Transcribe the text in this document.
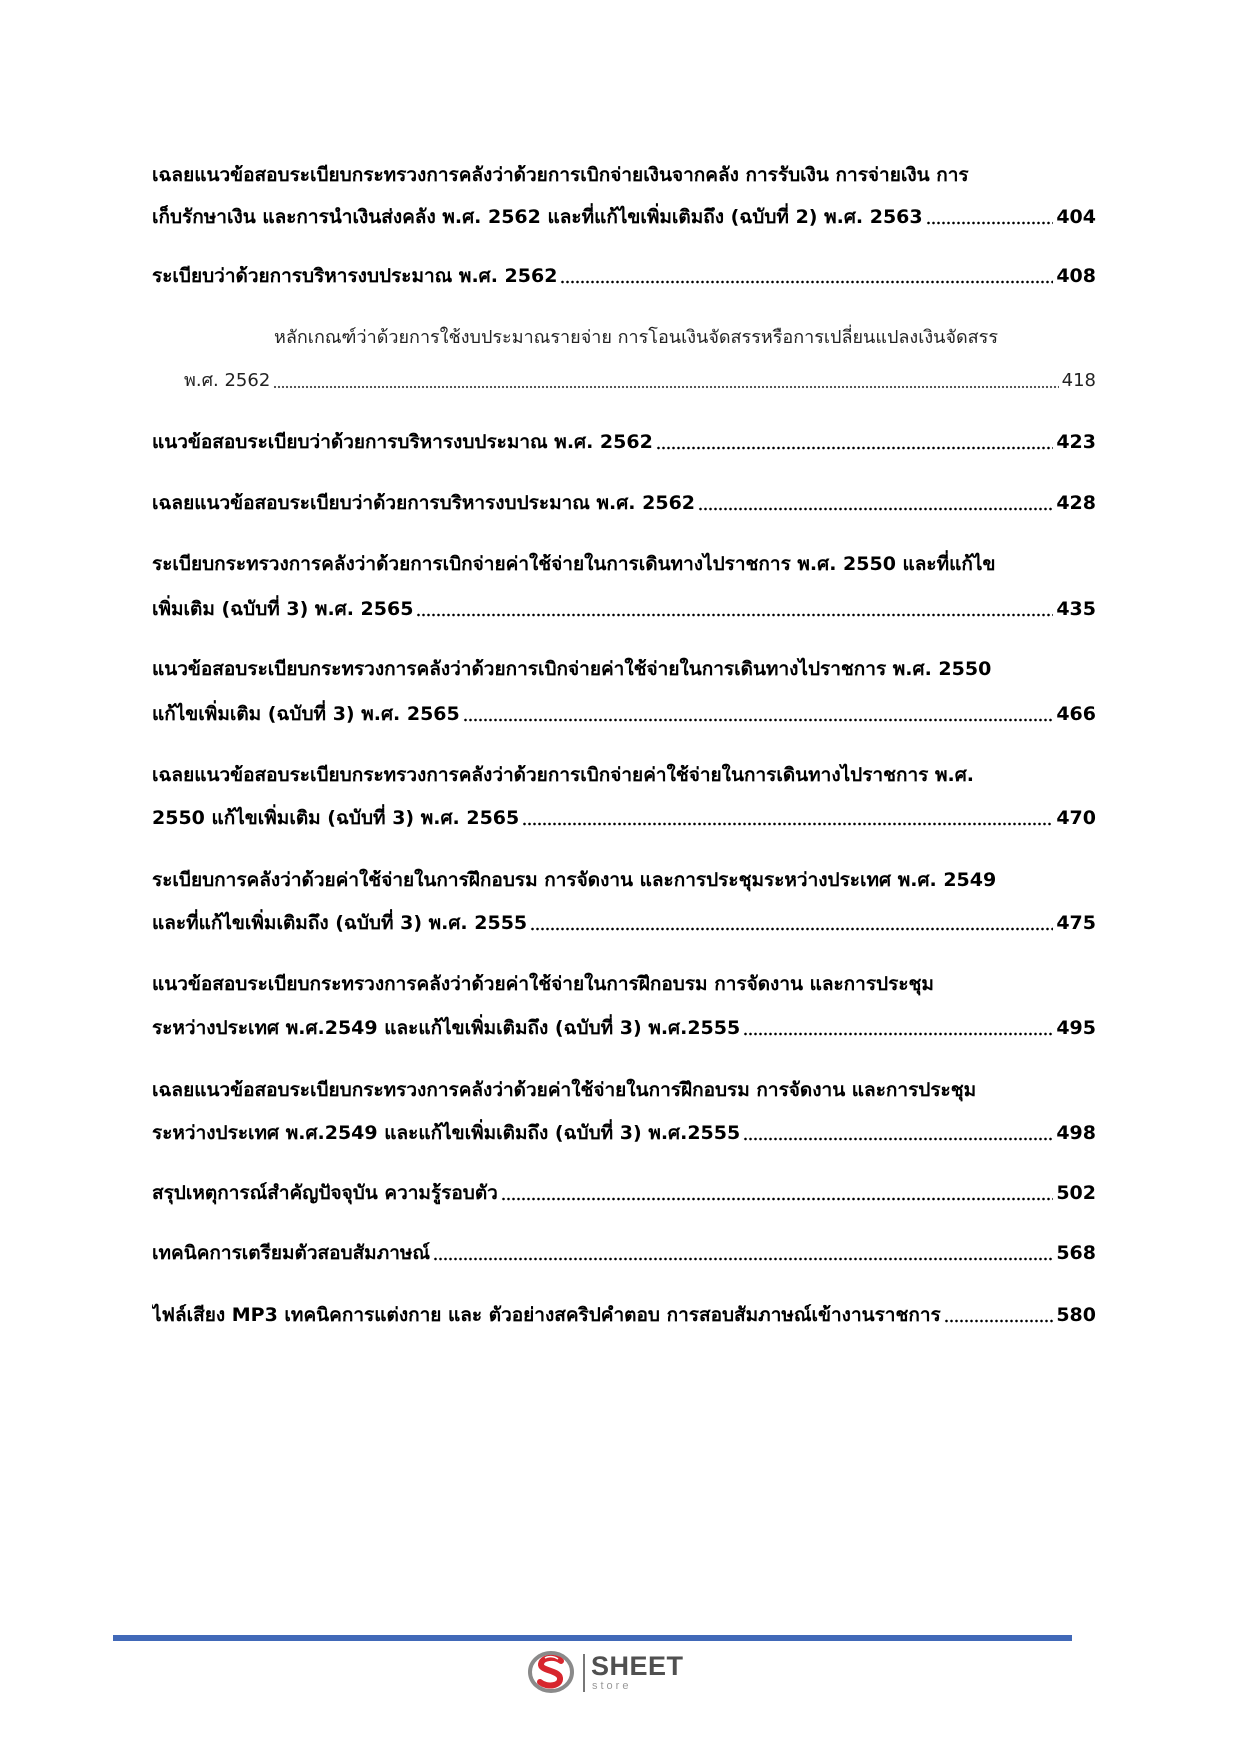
เฉลยแนวข้อสอบระเบียบกระทรวงการคลังว่าด้วยการเบิกจ่ายเงินจากคลัง การรับเงิน การจ่ายเงิน การ
เก็บรักษาเงิน และการนำเงินส่งคลัง พ.ศ. 2562 และที่แก้ไขเพิ่มเติมถึง (ฉบับที่ 2) พ.ศ. 2563	404
ระเบียบว่าด้วยการบริหารงบประมาณ พ.ศ. 2562	408
หลักเกณฑ์ว่าด้วยการใช้งบประมาณรายจ่าย การโอนเงินจัดสรรหรือการเปลี่ยนแปลงเงินจัดสรร
พ.ศ. 2562	418
แนวข้อสอบระเบียบว่าด้วยการบริหารงบประมาณ พ.ศ. 2562	423
เฉลยแนวข้อสอบระเบียบว่าด้วยการบริหารงบประมาณ พ.ศ. 2562	428
ระเบียบกระทรวงการคลังว่าด้วยการเบิกจ่ายค่าใช้จ่ายในการเดินทางไปราชการ พ.ศ. 2550 และที่แก้ไข
เพิ่มเติม (ฉบับที่ 3) พ.ศ. 2565	435
แนวข้อสอบระเบียบกระทรวงการคลังว่าด้วยการเบิกจ่ายค่าใช้จ่ายในการเดินทางไปราชการ พ.ศ. 2550
แก้ไขเพิ่มเติม (ฉบับที่ 3) พ.ศ. 2565	466
เฉลยแนวข้อสอบระเบียบกระทรวงการคลังว่าด้วยการเบิกจ่ายค่าใช้จ่ายในการเดินทางไปราชการ พ.ศ.
2550 แก้ไขเพิ่มเติม (ฉบับที่ 3) พ.ศ. 2565	470
ระเบียบการคลังว่าด้วยค่าใช้จ่ายในการฝึกอบรม การจัดงาน และการประชุมระหว่างประเทศ พ.ศ. 2549
และที่แก้ไขเพิ่มเติมถึง (ฉบับที่ 3) พ.ศ. 2555	475
แนวข้อสอบระเบียบกระทรวงการคลังว่าด้วยค่าใช้จ่ายในการฝึกอบรม การจัดงาน และการประชุม
ระหว่างประเทศ พ.ศ.2549 และแก้ไขเพิ่มเติมถึง (ฉบับที่ 3) พ.ศ.2555	495
เฉลยแนวข้อสอบระเบียบกระทรวงการคลังว่าด้วยค่าใช้จ่ายในการฝึกอบรม การจัดงาน และการประชุม
ระหว่างประเทศ พ.ศ.2549 และแก้ไขเพิ่มเติมถึง (ฉบับที่ 3) พ.ศ.2555	498
สรุปเหตุการณ์สำคัญปัจจุบัน ความรู้รอบตัว	502
เทคนิคการเตรียมตัวสอบสัมภาษณ์	568
ไฟล์เสียง MP3 เทคนิคการแต่งกาย และ ตัวอย่างสคริปคำตอบ การสอบสัมภาษณ์เข้างานราชการ	580
SHEET
store
